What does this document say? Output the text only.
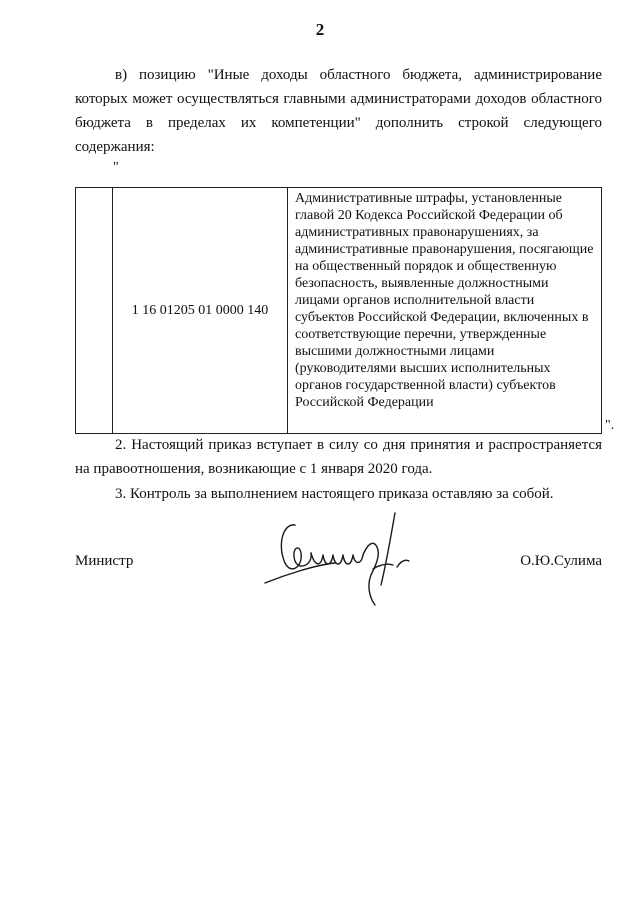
2
в) позицию "Иные доходы областного бюджета, администрирование которых может осуществляться главными администраторами доходов областного бюджета в пределах их компетенции" дополнить строкой следующего содержания:
"
	1 16 01205 01 0000 140	Административные штрафы, установленные главой 20 Кодекса Российской Федерации об административных правонарушениях, за административные правонарушения, посягающие на общественный порядок и общественную безопасность, выявленные должностными лицами органов исполнительной власти субъектов Российской Федерации, включенных в соответствующие перечни, утвержденные высшими должностными лицами (руководителями высших исполнительных органов государственной власти) субъектов Российской Федерации
".
2. Настоящий приказ вступает в силу со дня принятия и распространяется на правоотношения, возникающие с 1 января 2020 года.
3. Контроль за выполнением настоящего приказа оставляю за собой.
Министр	О.Ю.Сулима
